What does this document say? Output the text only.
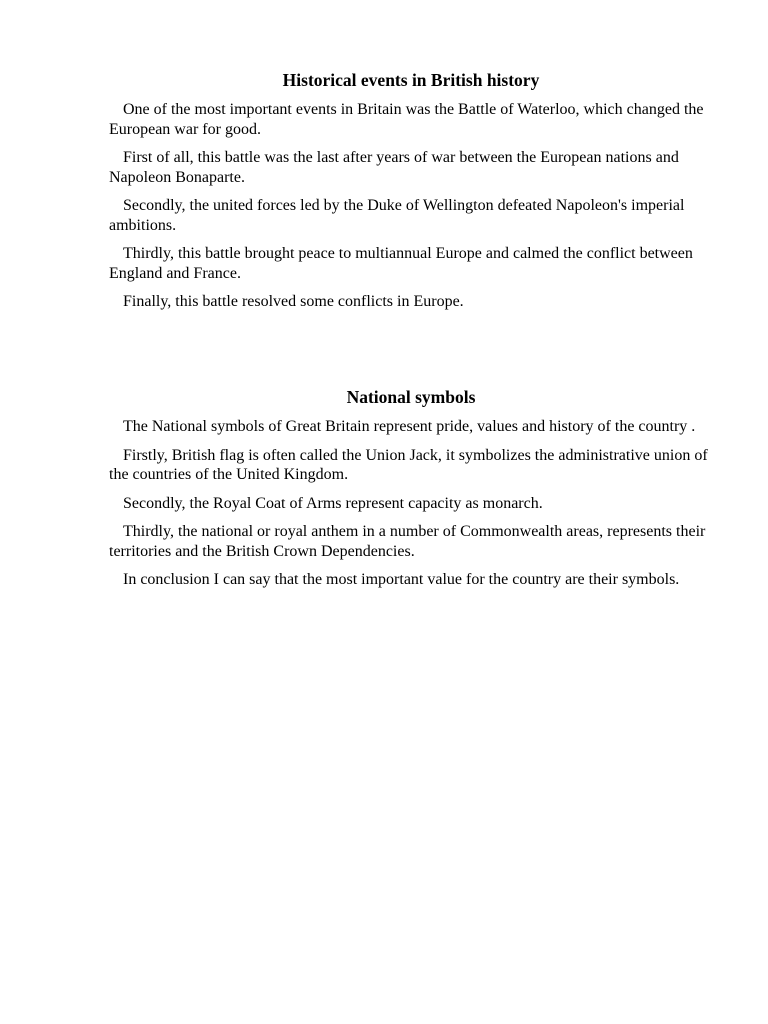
Historical events in British history

One of the most important events in Britain was the Battle of Waterloo, which changed the European war for good.

First of all, this battle was the last after years of war between the European nations and Napoleon Bonaparte.

Secondly, the united forces led by the Duke of Wellington defeated Napoleon's imperial ambitions.

Thirdly, this battle brought peace to multiannual Europe and calmed the conflict between England and France.

Finally, this battle resolved some conflicts in Europe.

National symbols

The National symbols of Great Britain represent pride, values and history of the country .

Firstly, British flag is often called the Union Jack, it symbolizes the administrative union of the countries of the United Kingdom.

Secondly, the Royal Coat of Arms represent capacity as monarch.

Thirdly, the national or royal anthem in a number of Commonwealth areas, represents their territories and the British Crown Dependencies.

In conclusion I can say that the most important value for the country are their symbols.
